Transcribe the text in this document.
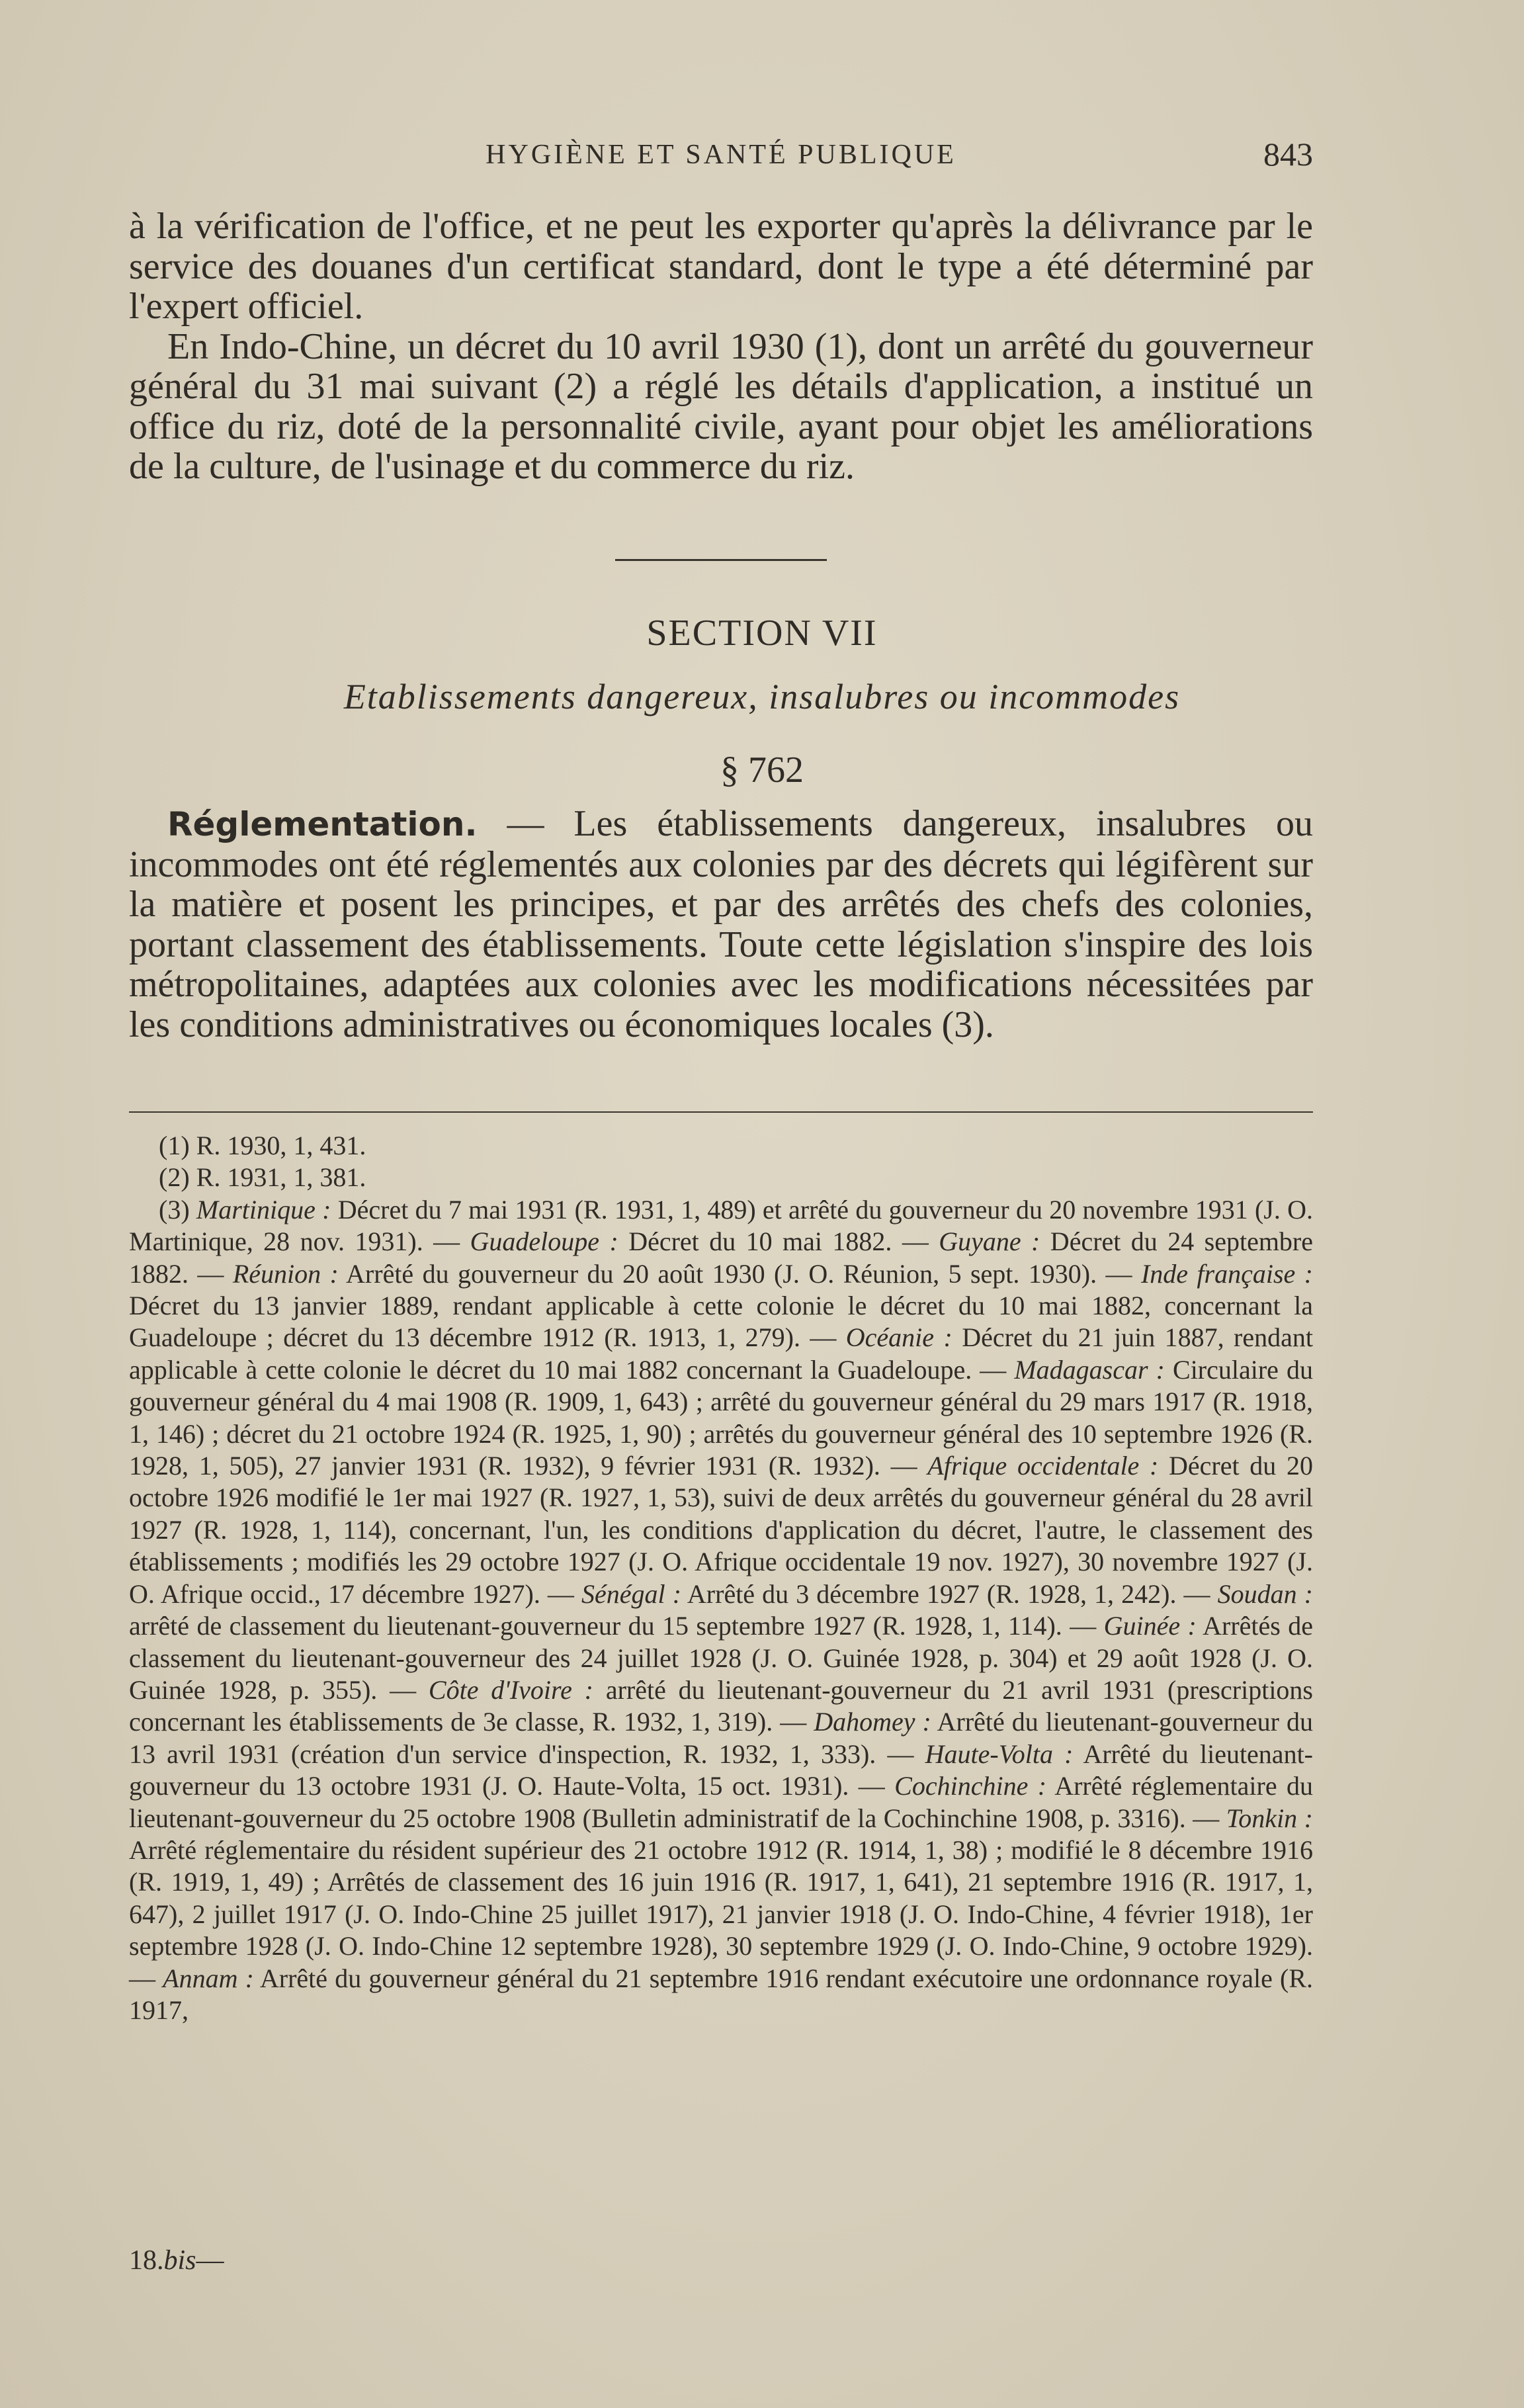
HYGIÈNE ET SANTÉ PUBLIQUE	843

à la vérification de l'office, et ne peut les exporter qu'après la délivrance par le service des douanes d'un certificat standard, dont le type a été déterminé par l'expert officiel.

En Indo-Chine, un décret du 10 avril 1930 (1), dont un arrêté du gouverneur général du 31 mai suivant (2) a réglé les détails d'application, a institué un office du riz, doté de la personnalité civile, ayant pour objet les améliorations de la culture, de l'usinage et du commerce du riz.

SECTION VII
Etablissements dangereux, insalubres ou incommodes
§ 762
Réglementation. — Les établissements dangereux, insalubres ou incommodes ont été réglementés aux colonies par des décrets qui légifèrent sur la matière et posent les principes, et par des arrêtés des chefs des colonies, portant classement des établissements. Toute cette législation s'inspire des lois métropolitaines, adaptées aux colonies avec les modifications nécessitées par les conditions administratives ou économiques locales (3).

(1) R. 1930, 1, 431.

(2) R. 1931, 1, 381.

(3) Martinique : Décret du 7 mai 1931 (R. 1931, 1, 489) et arrêté du gouverneur du 20 novembre 1931 (J. O. Martinique, 28 nov. 1931). — Guadeloupe : Décret du 10 mai 1882. — Guyane : Décret du 24 septembre 1882. — Réunion : Arrêté du gouverneur du 20 août 1930 (J. O. Réunion, 5 sept. 1930). — Inde française : Décret du 13 janvier 1889, rendant applicable à cette colonie le décret du 10 mai 1882, concernant la Guadeloupe ; décret du 13 décembre 1912 (R. 1913, 1, 279). — Océanie : Décret du 21 juin 1887, rendant applicable à cette colonie le décret du 10 mai 1882 concernant la Guadeloupe. — Madagascar : Circulaire du gouverneur général du 4 mai 1908 (R. 1909, 1, 643) ; arrêté du gouverneur général du 29 mars 1917 (R. 1918, 1, 146) ; décret du 21 octobre 1924 (R. 1925, 1, 90) ; arrêtés du gouverneur général des 10 septembre 1926 (R. 1928, 1, 505), 27 janvier 1931 (R. 1932), 9 février 1931 (R. 1932). — Afrique occidentale : Décret du 20 octobre 1926 modifié le 1er mai 1927 (R. 1927, 1, 53), suivi de deux arrêtés du gouverneur général du 28 avril 1927 (R. 1928, 1, 114), concernant, l'un, les conditions d'application du décret, l'autre, le classement des établissements ; modifiés les 29 octobre 1927 (J. O. Afrique occidentale 19 nov. 1927), 30 novembre 1927 (J. O. Afrique occid., 17 décembre 1927). — Sénégal : Arrêté du 3 décembre 1927 (R. 1928, 1, 242). — Soudan : arrêté de classement du lieutenant-gouverneur du 15 septembre 1927 (R. 1928, 1, 114). — Guinée : Arrêtés de classement du lieutenant-gouverneur des 24 juillet 1928 (J. O. Guinée 1928, p. 304) et 29 août 1928 (J. O. Guinée 1928, p. 355). — Côte d'Ivoire : arrêté du lieutenant-gouverneur du 21 avril 1931 (prescriptions concernant les établissements de 3e classe, R. 1932, 1, 319). — Dahomey : Arrêté du lieutenant-gouverneur du 13 avril 1931 (création d'un service d'inspection, R. 1932, 1, 333). — Haute-Volta : Arrêté du lieutenant-gouverneur du 13 octobre 1931 (J. O. Haute-Volta, 15 oct. 1931). — Cochinchine : Arrêté réglementaire du lieutenant-gouverneur du 25 octobre 1908 (Bulletin administratif de la Cochinchine 1908, p. 3316). — Tonkin : Arrêté réglementaire du résident supérieur des 21 octobre 1912 (R. 1914, 1, 38) ; modifié le 8 décembre 1916 (R. 1919, 1, 49) ; Arrêtés de classement des 16 juin 1916 (R. 1917, 1, 641), 21 septembre 1916 (R. 1917, 1, 647), 2 juillet 1917 (J. O. Indo-Chine 25 juillet 1917), 21 janvier 1918 (J. O. Indo-Chine, 4 février 1918), 1er septembre 1928 (J. O. Indo-Chine 12 septembre 1928), 30 septembre 1929 (J. O. Indo-Chine, 9 octobre 1929). — Annam : Arrêté du gouverneur général du 21 septembre 1916 rendant exécutoire une ordonnance royale (R. 1917,

18.bis—
